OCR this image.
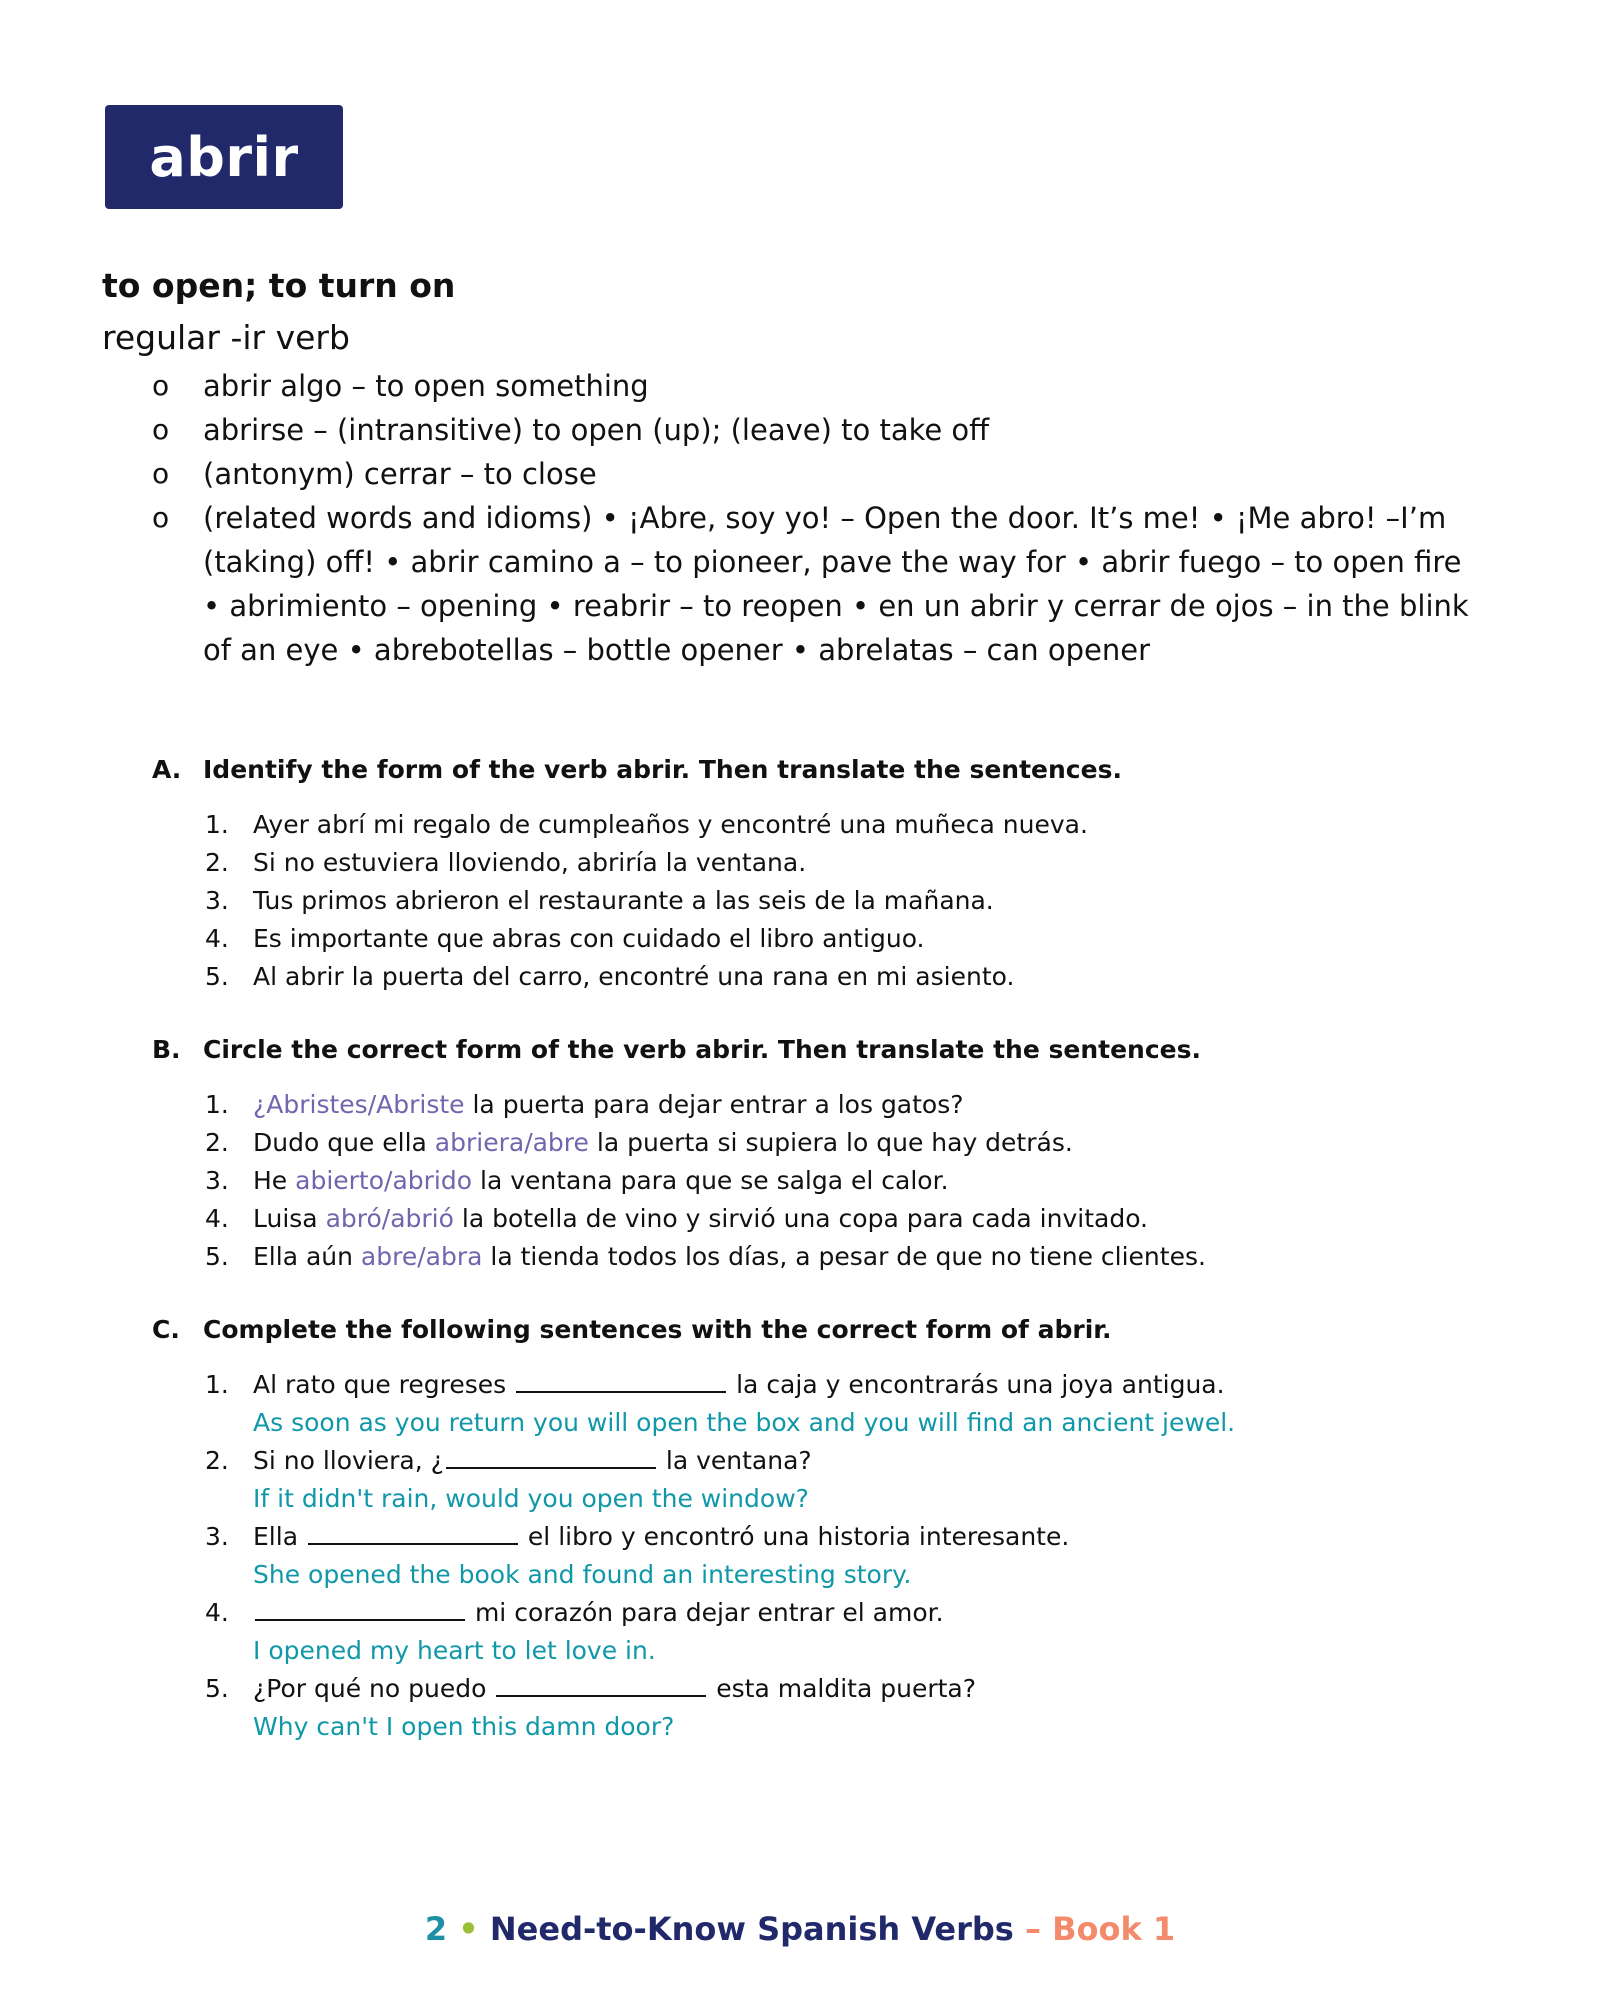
abrir
to open; to turn on
regular -ir verb
o abrir algo – to open something
o abrirse – (intransitive) to open (up); (leave) to take off
o (antonym) cerrar – to close
o (related words and idioms) • ¡Abre, soy yo! – Open the door. It’s me! • ¡Me abro! –I’m (taking) off! • abrir camino a – to pioneer, pave the way for • abrir fuego – to open fire • abrimiento – opening • reabrir – to reopen • en un abrir y cerrar de ojos – in the blink of an eye • abrebotellas – bottle opener • abrelatas – can opener
A. Identify the form of the verb abrir. Then translate the sentences.
1. Ayer abrí mi regalo de cumpleaños y encontré una muñeca nueva.
2. Si no estuviera lloviendo, abriría la ventana.
3. Tus primos abrieron el restaurante a las seis de la mañana.
4. Es importante que abras con cuidado el libro antiguo.
5. Al abrir la puerta del carro, encontré una rana en mi asiento.
B. Circle the correct form of the verb abrir. Then translate the sentences.
1. ¿Abristes/Abriste la puerta para dejar entrar a los gatos?
2. Dudo que ella abriera/abre la puerta si supiera lo que hay detrás.
3. He abierto/abrido la ventana para que se salga el calor.
4. Luisa abró/abrió la botella de vino y sirvió una copa para cada invitado.
5. Ella aún abre/abra la tienda todos los días, a pesar de que no tiene clientes.
C. Complete the following sentences with the correct form of abrir.
1. Al rato que regreses	la caja y encontrarás una joya antigua.
As soon as you return you will open the box and you will find an ancient jewel.
2. Si no lloviera, ¿	la ventana?
If it didn't rain, would you open the window?
3. Ella	el libro y encontró una historia interesante.
She opened the book and found an interesting story.
4.	mi corazón para dejar entrar el amor.
I opened my heart to let love in.
5. ¿Por qué no puedo	esta maldita puerta?
Why can't I open this damn door?
2 • Need-to-Know Spanish Verbs – Book 1
